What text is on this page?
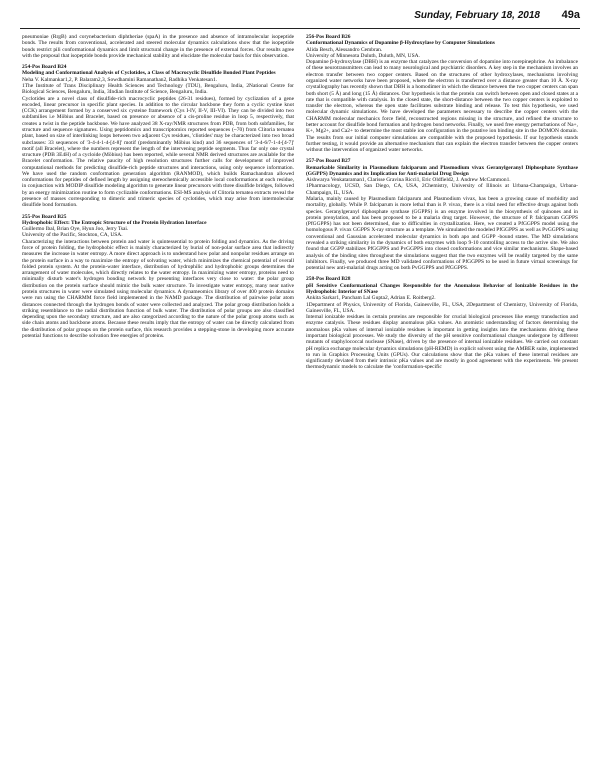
Sunday, February 18, 2018 49a

pneumoniae (RrgB) and corynebacterium diphtheriae (spaA) in the presence and absence of intramolecular isopeptide bonds. The results from conventional, accelerated and steered molecular dynamics calculations show that the isopeptide bonds restrict pili conformational dynamics and limit structural change in the presence of external forces. Our results agree with the proposal that isopeptide bonds provide mechanical stability and elucidate the molecular basis for this observation.

254-Pos Board B24

Modeling and Conformational Analysis of Cyclotides, a Class of Macrocyclic Disulfide Bonded Plant Peptides

Neha V. Kalmankar1,2, P. Balaram2,3, Sowdhamini Ramanathan2, Radhika Venkatesan1.

1The Institute of Trans Disciplinary Health Sciences and Technology (TDU), Bengaluru, India, 2National Centre for Biological Sciences, Bengaluru, India, 3Indian Institute of Science, Bengaluru, India.

Cyclotides are a novel class of disulfide-rich macrocyclic peptides (26-31 residues), formed by cyclization of a gene encoded, linear precursor in specific plant species. In addition to the circular backbone they form a cyclic cystine knot (CCK) arrangement formed by a conserved six cysteine framework (Cys I-IV, II-V, III-VI). They can be divided into two subfamilies i.e Möbius and Bracelet, based on presence or absence of a cis-proline residue in loop 5, respectively, that creates a twist in the peptide backbone. We have analyzed 38 X-ray/NMR structures from PDB, from both subfamilies, for structure and sequence signatures. Using peptidomics and transcriptomics reported sequences (~70) from Clitoria ternatea plant, based on size of interlinking loops between two adjacent Cys residues, 'cliotides' may be characterized into two broad subclasses: 33 sequences of '3-4-4-1-4-[4-8]' motif (predominantly Möbius kind) and 36 sequences of '3-4-6/7-1-4-[4-7]' motif (all Bracelet), where the numbers represent the length of the intervening peptide segments. Thus far only one crystal structure (PDB 3E4H) of a cycloide (Möbius) has been reported, while several NMR derived structures are available for the Bracelet conformation. The relative paucity of high resolution structures further calls for development of improved computational methods for predicting disulfide-rich peptide structures and interactions, using only sequence information. We have used the random conformation generation algorithm (RANMOD), which builds Ramachandran allowed conformations for peptides of defined length by assigning stereochemically accessible local conformations at each residue, in conjunction with MODIP disulfide modeling algorithm to generate linear precursors with three disulfide bridges, followed by an energy minimization routine to form cyclizable conformations. ESI-MS analysis of Clitoria ternatea extracts reveal the presence of masses corresponding to dimeric and trimeric species of cyclotides, which may arise from intermolecular disulfide bond formation.

255-Pos Board B25

Hydrophobic Effect: The Entropic Structure of the Protein Hydration Interface

Guillermo Ibal, Brian Oye, Hyun Joo, Jerry Tsai.

University of the Pacific, Stockton, CA, USA.

Characterizing the interactions between protein and water is quintessential to protein folding and dynamics. As the driving force of protein folding, the hydrophobic effect is mainly characterized by burial of non-polar surface area that indirectly measures the increase in water entropy. A more direct approach is to understand how polar and nonpolar residues arrange on the protein surface in a way to maximize the entropy of solvating water, which minimizes the chemical potential of overall folded protein system. At the protein-water interface, distribution of hydrophilic and hydrophobic groups determines the arrangement of water molecules, which directly relates to the water entropy. In maximizing water entropy, proteins need to minimally disturb water's hydrogen bonding network by presenting interfaces very close to water: the polar group distribution on the protein surface should mimic the bulk water structure. To investigate water entropy, many near native protein structures in water were simulated using molecular dynamics. A dynameomics library of over 400 protein domains were run using the CHARMM force field implemented in the NAMD package. The distribution of pairwise polar atom distances connected through the hydrogen bonds of water were collected and analyzed. The polar group distribution holds a striking resemblance to the radial distribution function of bulk water. The distribution of polar groups are also classified depending upon the secondary structure, and are also categorized according to the nature of the polar group atoms such as side chain atoms and backbone atoms. Because these results imply that the entropy of water can be directly calculated from the distribution of polar groups on the protein surface, this research provides a stepping-stone in developing more accurate potential functions to describe solvation free energies of proteins.

256-Pos Board B26

Conformational Dynamics of Dopamine β-Hydroxylase by Computer Simulations

Alida Besch, Alessandro Cembran.

University of Minnesota Duluth, Duluth, MN, USA.

Dopamine β-hydroxylase (DBH) is an enzyme that catalyzes the conversion of dopamine into norepinephrine. An imbalance of these neurotransmitters can lead to many neurological and psychiatric disorders. A key step in the mechanism involves an electron transfer between two copper centers. Based on the structures of other hydroxylases, mechanisms involving organized water networks have been proposed, where the electron is transferred over a distance greater than 10 Å. X-ray crystallography has recently shown that DBH is a homodimer in which the distance between the two copper centers can span both short (5 Å) and long (15 Å) distances. Our hypothesis is that the protein can switch between open and closed states at a rate that is compatible with catalysis. In the closed state, the short-distance between the two copper centers is exploited to transfer the electron, whereas the open state facilitates substrate binding and release. To test this hypothesis, we used molecular dynamic simulations. We have developed the parameters necessary to describe the copper centers with the CHARMM molecular mechanics force field, reconstructed regions missing in the structure, and refined the structure to better account for disulfide bond formation and hydrogen bond networks. Finally, we used free energy perturbations of Na+, K+, Mg2+, and Ca2+ to determine the most stable ion configuration in the putative ion binding site in the DOMON domain. The results from our initial computer simulations are compatible with the proposed hypothesis. If our hypothesis stands further testing, it would provide an alternative mechanism that can explain the electron transfer between the copper centers without the intervention of organized water networks.

257-Pos Board B27

Remarkable Similarity in Plasmodium falciparum and Plasmodium vivax Geranylgeranyl Diphosphate Synthase (GGPPS) Dynamics and its Implication for Anti-malarial Drug Design

Aishwarya Venkataraman1, Clarisse Gravina Ricci1, Eric Oldfield2, J. Andrew McCammon1.

1Pharmacology, UCSD, San Diego, CA, USA, 2Chemistry, University of Illinois at Urbana-Champaign, Urbana-Champaign, IL, USA.

Malaria, mainly caused by Plasmodium falciparum and Plasmodium vivax, has been a growing cause of morbidity and mortality, globally. While P. falciparum is more lethal than is P. vivax, there is a vital need for effective drugs against both species. Geranylgeranyl diphosphate synthase (GGPPS) is an enzyme involved in the biosynthesis of quinones and in protein prenylation, and has been proposed to be a malaria drug target. However, the structure of P. falciparum GGPPS (PfGGPPS) has not been determined, due to difficulties in crystallization. Here, we created a PfGGPPS model using the homologous P. vivax GGPPS X-ray structure as a template. We simulated the modeled PfGGPPS as well as PvGGPPS using conventional and Gaussian accelerated molecular dynamics in both apo and GGPP -bound states. The MD simulations revealed a striking similarity in the dynamics of both enzymes with loop 9-10 controlling access to the active site. We also found that GGPP stabilizes PfGGPPS and PvGGPPS into closed conformations and vice similar mechanisms. Shape-based analysis of the binding sites throughout the simulations suggest that the two enzymes will be readily targeted by the same inhibitors. Finally, we produced three MD validated conformations of PfGGPPS to be used in future virtual screenings for potential new anti-malarial drugs acting on both PvGGPPS and PfGGPPS.

258-Pos Board B28

pH Sensitive Conformational Changes Responsible for the Anomalous Behavior of Ionizable Residues in the Hydrophobic Interior of SNase

Ankita Sarkar1, Pancham Lal Gupta2, Adrian E. Roitberg2.

1Department of Physics, University of Florida, Gainesville, FL, USA, 2Department of Chemistry, University of Florida, Gainesville, FL, USA.

Internal ionizable residues in certain proteins are responsible for crucial biological processes like energy transduction and enzyme catalysis. These residues display anomalous pKa values. An atomistic understanding of factors determining the anomalous pKa values of internal ionizable residues is important in getting insights into the mechanisms driving these important biological processes. We study the diversity of the pH sensitive conformational changes undergone by different mutants of staphylococcal nuclease (SNase), driven by the presence of internal ionizable residues. We carried out constant pH replica exchange molecular dynamics simulations (pH-REMD) in explicit solvent using the AMBER suite, implemented to run in Graphics Processing Units (GPUs). Our calculations show that the pKa values of these internal residues are significantly deviated from their intrinsic pKa values and are mostly in good agreement with the experiments. We present thermodynamic models to calculate the 'conformation-specific
